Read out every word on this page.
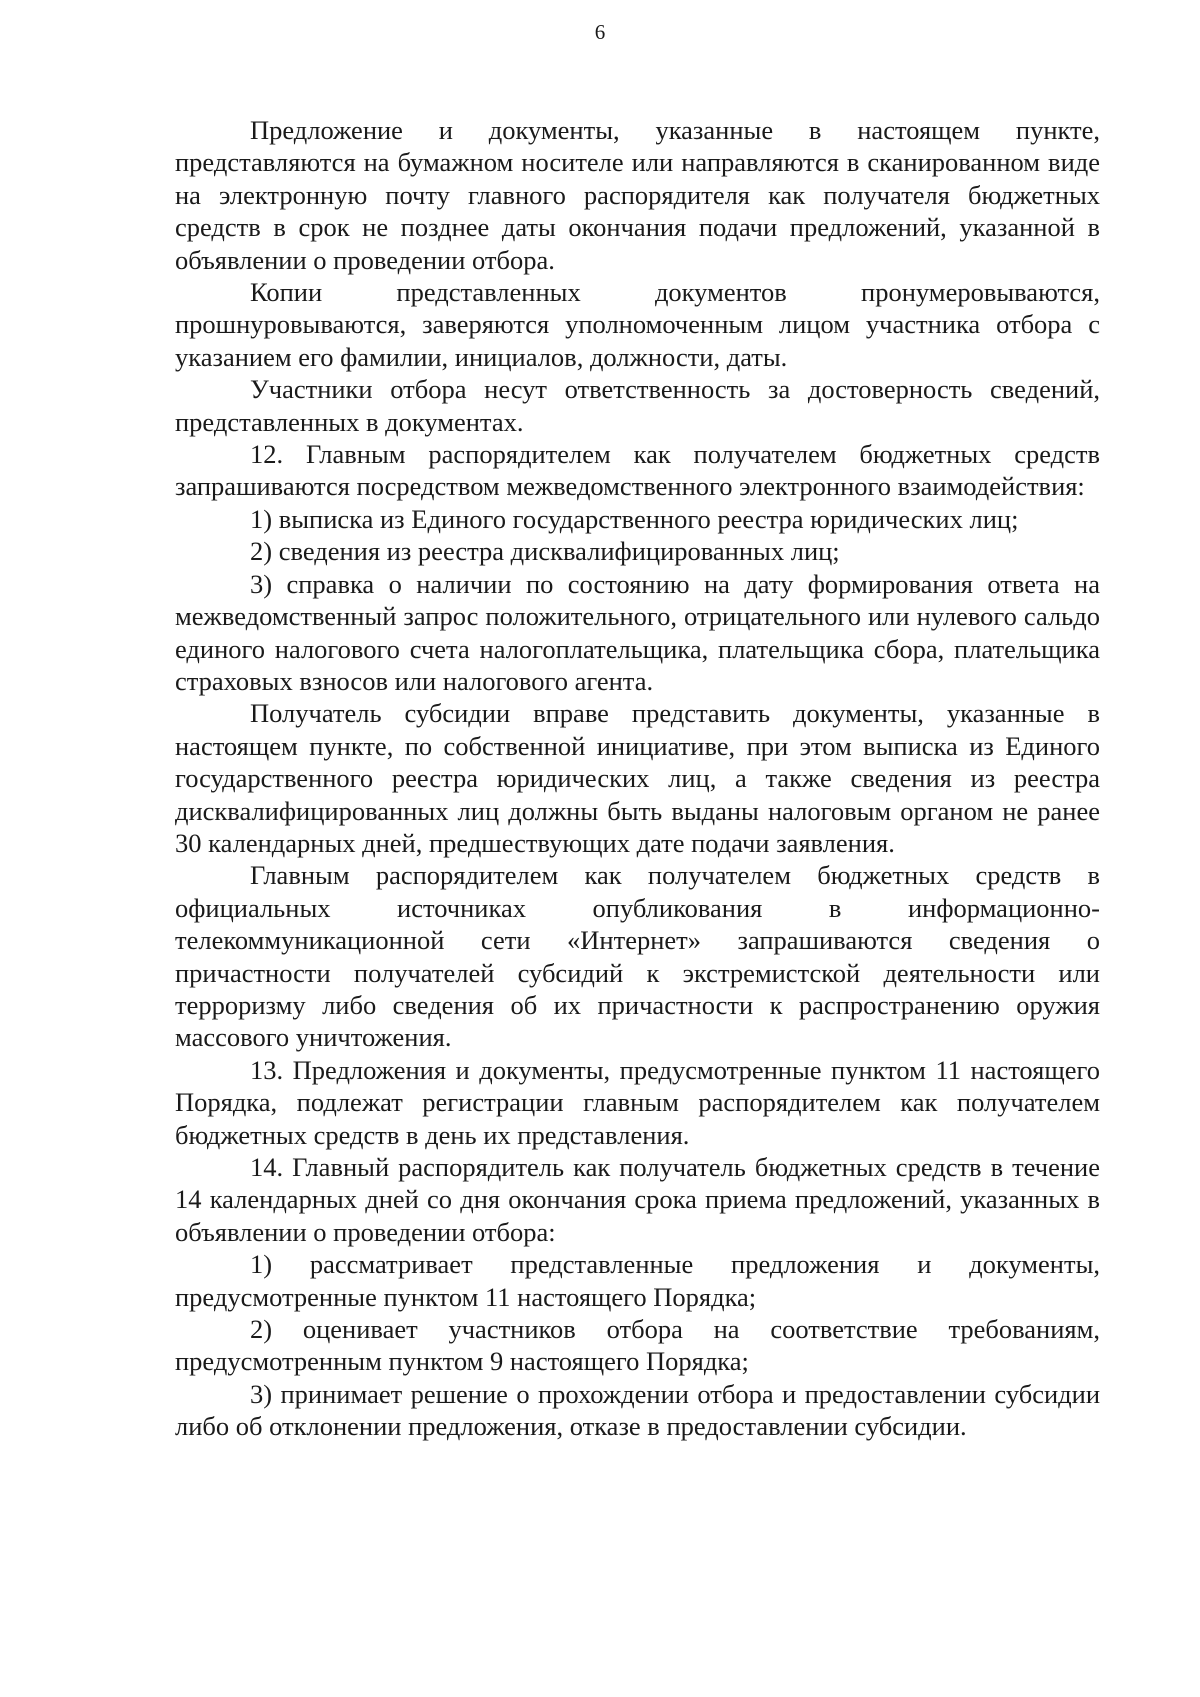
6

Предложение и документы, указанные в настоящем пункте, представляются на бумажном носителе или направляются в сканированном виде на электронную почту главного распорядителя как получателя бюджетных средств в срок не позднее даты окончания подачи предложений, указанной в объявлении о проведении отбора.

Копии представленных документов пронумеровываются, прошнуровываются, заверяются уполномоченным лицом участника отбора с указанием его фамилии, инициалов, должности, даты.

Участники отбора несут ответственность за достоверность сведений, представленных в документах.

12. Главным распорядителем как получателем бюджетных средств запрашиваются посредством межведомственного электронного взаимодействия:

1) выписка из Единого государственного реестра юридических лиц;

2) сведения из реестра дисквалифицированных лиц;

3) справка о наличии по состоянию на дату формирования ответа на межведомственный запрос положительного, отрицательного или нулевого сальдо единого налогового счета налогоплательщика, плательщика сбора, плательщика страховых взносов или налогового агента.

Получатель субсидии вправе представить документы, указанные в настоящем пункте, по собственной инициативе, при этом выписка из Единого государственного реестра юридических лиц, а также сведения из реестра дисквалифицированных лиц должны быть выданы налоговым органом не ранее 30 календарных дней, предшествующих дате подачи заявления.

Главным распорядителем как получателем бюджетных средств в официальных источниках опубликования в информационно-телекоммуникационной сети «Интернет» запрашиваются сведения о причастности получателей субсидий к экстремистской деятельности или терроризму либо сведения об их причастности к распространению оружия массового уничтожения.

13. Предложения и документы, предусмотренные пунктом 11 настоящего Порядка, подлежат регистрации главным распорядителем как получателем бюджетных средств в день их представления.

14. Главный распорядитель как получатель бюджетных средств в течение 14 календарных дней со дня окончания срока приема предложений, указанных в объявлении о проведении отбора:

1) рассматривает представленные предложения и документы, предусмотренные пунктом 11 настоящего Порядка;

2) оценивает участников отбора на соответствие требованиям, предусмотренным пунктом 9 настоящего Порядка;

3) принимает решение о прохождении отбора и предоставлении субсидии либо об отклонении предложения, отказе в предоставлении субсидии.
